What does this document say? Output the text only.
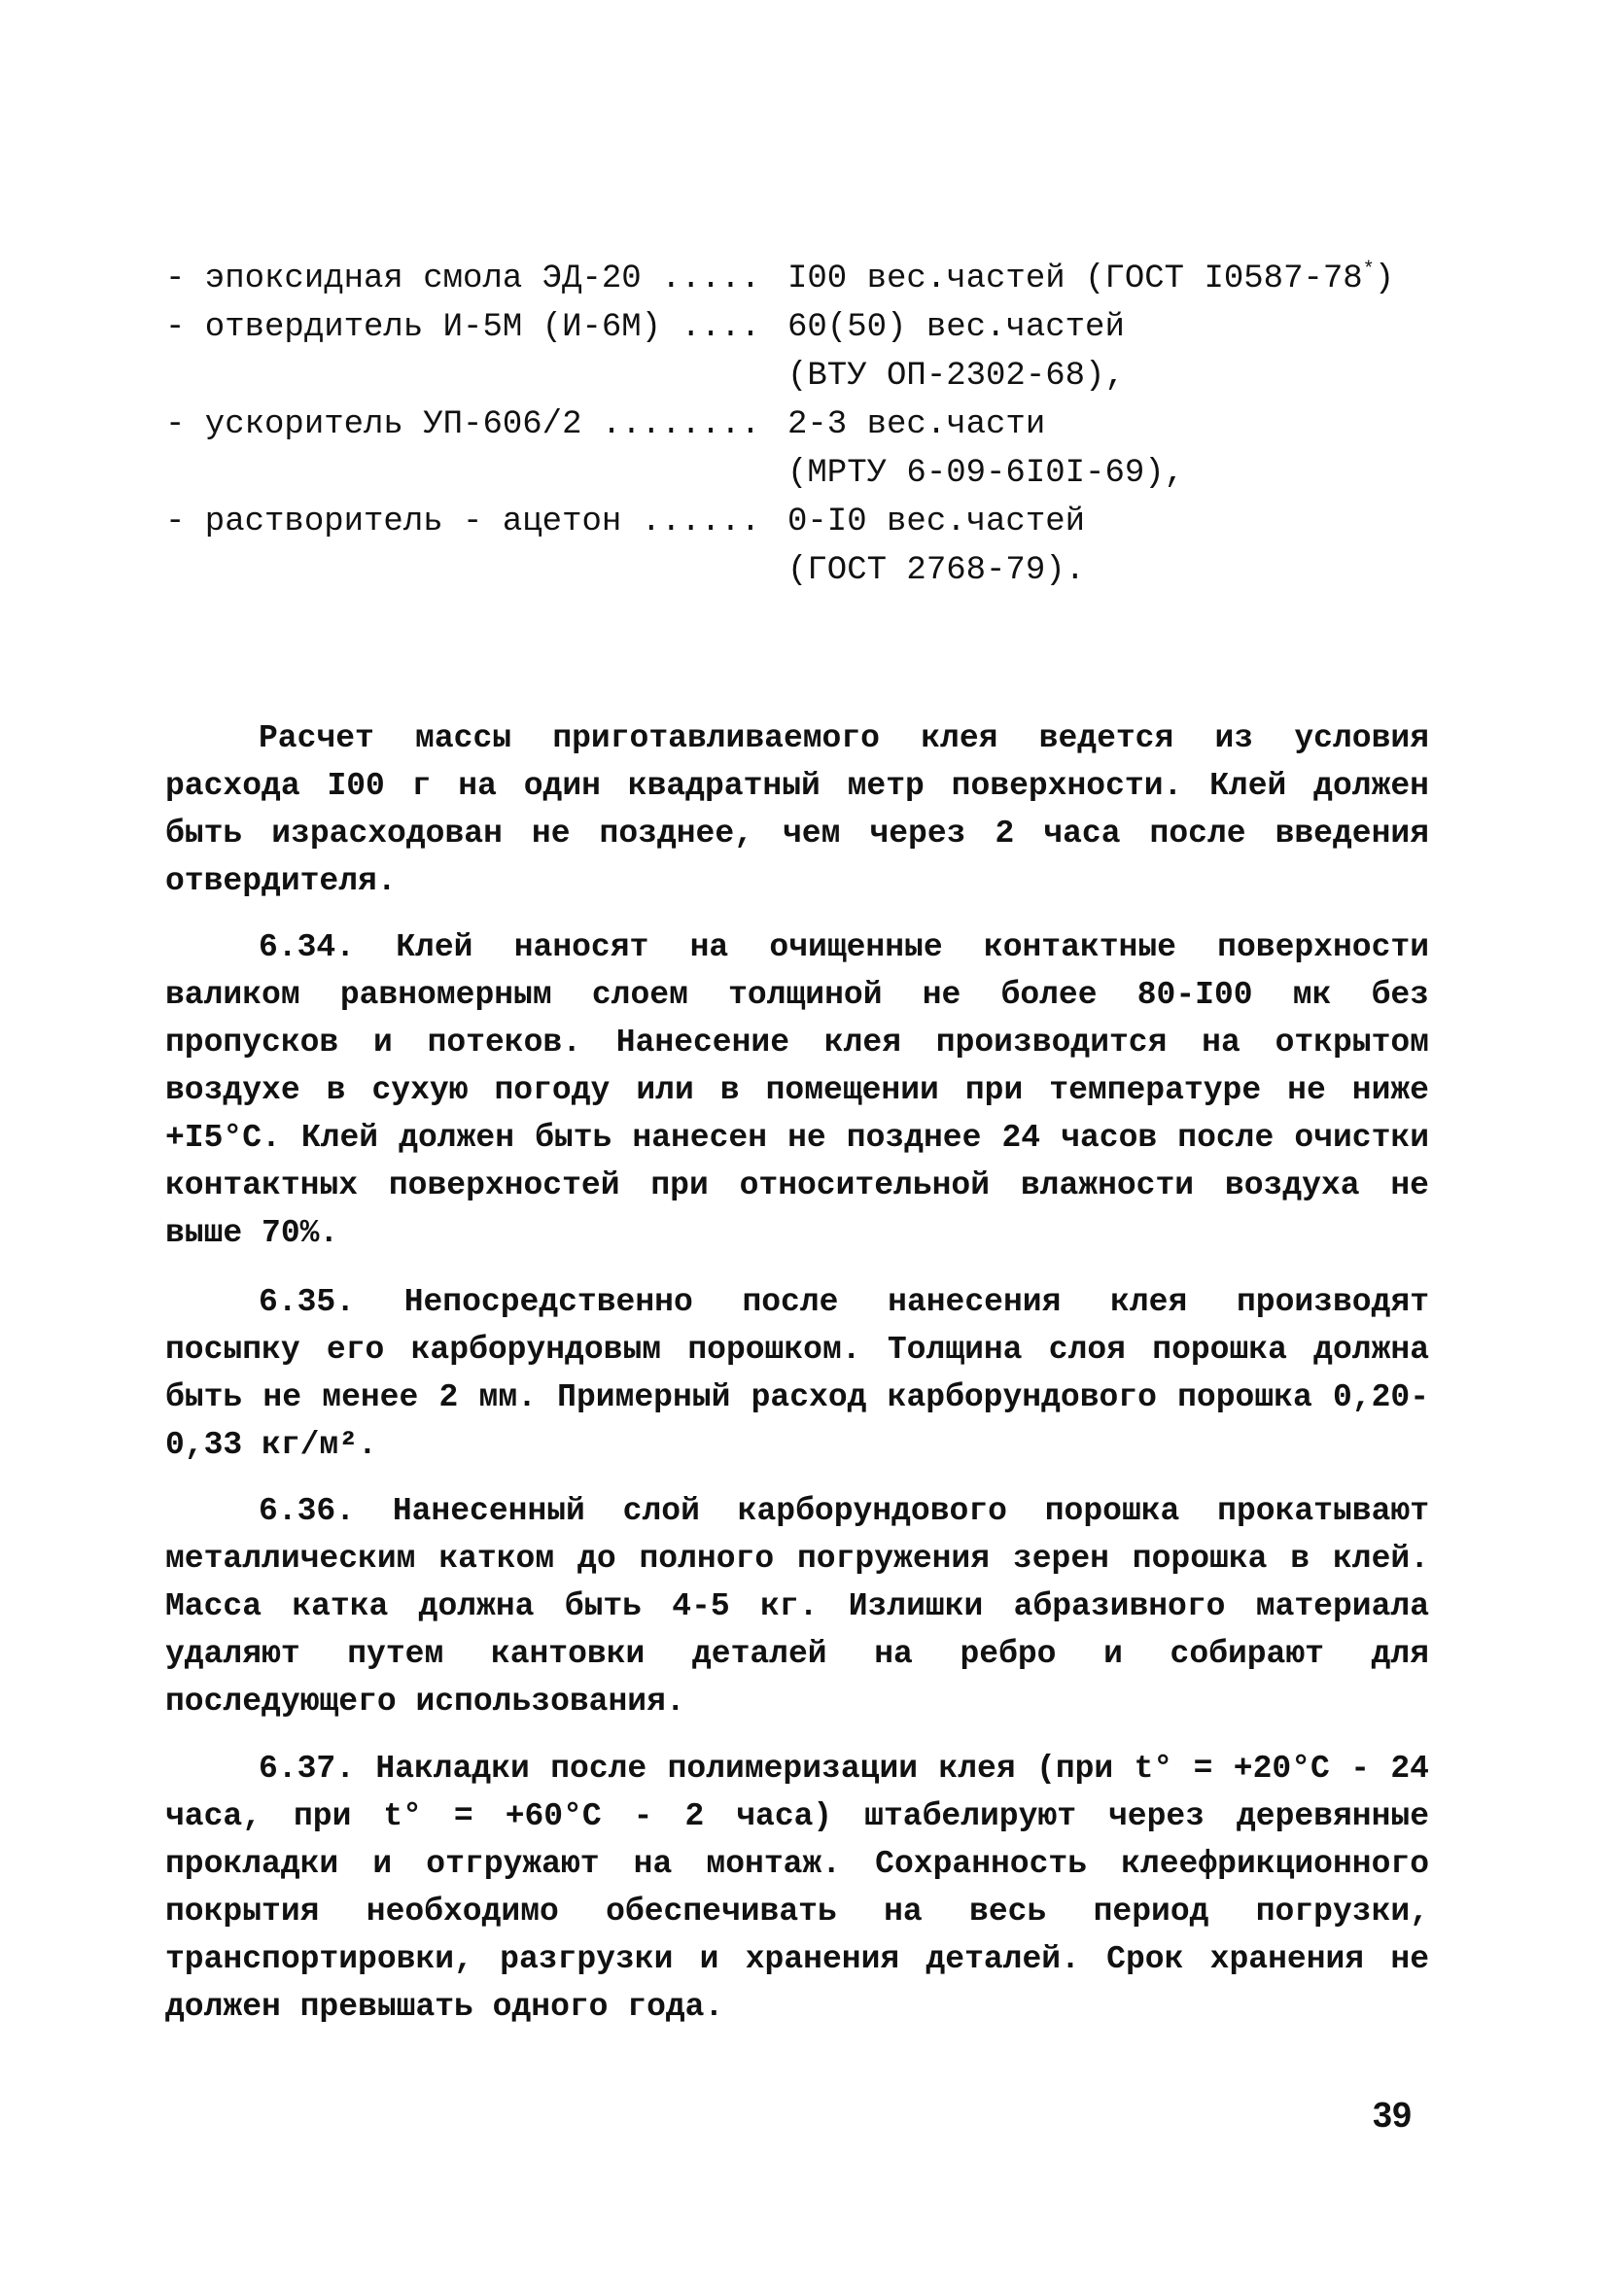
- эпоксидная смола ЭД-20 ..... I00 вес.частей (ГОСТ I0587-78*)
- отвердитель И-5М (И-6М) .... 60(50) вес.частей
(ВТУ ОП-2302-68),
- ускоритель УП-606/2 ........ 2-3 вес.части
(МРТУ 6-09-6I0I-69),
- растворитель - ацетон ...... 0-I0 вес.частей
(ГОСТ 2768-79).

Расчет массы приготавливаемого клея ведется из условия расхода I00 г на один квадратный метр поверхности. Клей должен быть израсходован не позднее, чем через 2 часа после введения отвердителя.

6.34. Клей наносят на очищенные контактные поверхности валиком равномерным слоем толщиной не более 80-I00 мк без пропусков и потеков. Нанесение клея производится на открытом воздухе в сухую погоду или в помещении при температуре не ниже +I5°С. Клей должен быть нанесен не позднее 24 часов после очистки контактных поверхностей при относительной влажности воздуха не выше 70%.

6.35. Непосредственно после нанесения клея производят посыпку его карборундовым порошком. Толщина слоя порошка должна быть не менее 2 мм. Примерный расход карборундового порошка 0,20-0,33 кг/м².

6.36. Нанесенный слой карборундового порошка прокатывают металлическим катком до полного погружения зерен порошка в клей. Масса катка должна быть 4-5 кг. Излишки абразивного материала удаляют путем кантовки деталей на ребро и собирают для последующего использования.

6.37. Накладки после полимеризации клея (при t° = +20°С - 24 часа, при t° = +60°С - 2 часа) штабелируют через деревянные прокладки и отгружают на монтаж. Сохранность клеефрикционного покрытия необходимо обеспечивать на весь период погрузки, транспортировки, разгрузки и хранения деталей. Срок хранения не должен превышать одного года.

39
